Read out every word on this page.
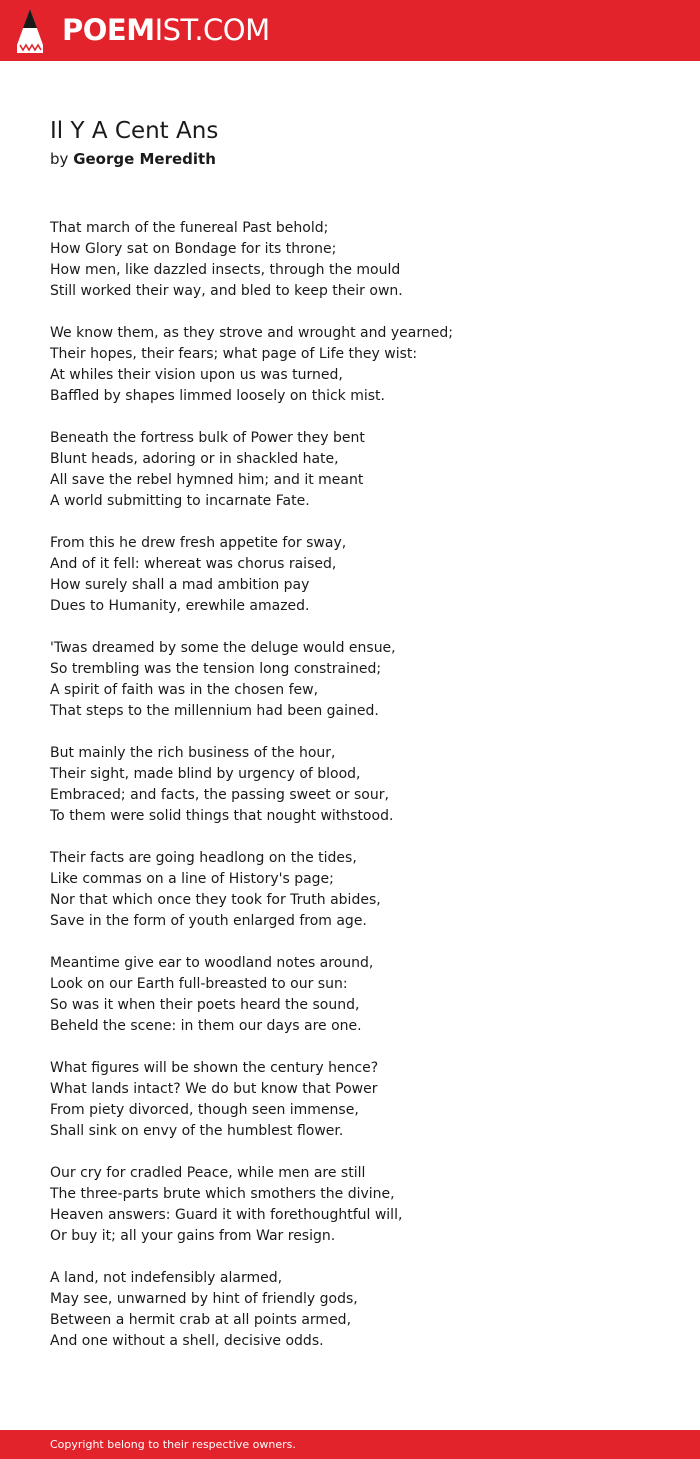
POEMIST.COM
Il Y A Cent Ans
by George Meredith
That march of the funereal Past behold;
How Glory sat on Bondage for its throne;
How men, like dazzled insects, through the mould
Still worked their way, and bled to keep their own.
We know them, as they strove and wrought and yearned;
Their hopes, their fears; what page of Life they wist:
At whiles their vision upon us was turned,
Baffled by shapes limmed loosely on thick mist.
Beneath the fortress bulk of Power they bent
Blunt heads, adoring or in shackled hate,
All save the rebel hymned him; and it meant
A world submitting to incarnate Fate.
From this he drew fresh appetite for sway,
And of it fell: whereat was chorus raised,
How surely shall a mad ambition pay
Dues to Humanity, erewhile amazed.
'Twas dreamed by some the deluge would ensue,
So trembling was the tension long constrained;
A spirit of faith was in the chosen few,
That steps to the millennium had been gained.
But mainly the rich business of the hour,
Their sight, made blind by urgency of blood,
Embraced; and facts, the passing sweet or sour,
To them were solid things that nought withstood.
Their facts are going headlong on the tides,
Like commas on a line of History's page;
Nor that which once they took for Truth abides,
Save in the form of youth enlarged from age.
Meantime give ear to woodland notes around,
Look on our Earth full-breasted to our sun:
So was it when their poets heard the sound,
Beheld the scene: in them our days are one.
What figures will be shown the century hence?
What lands intact? We do but know that Power
From piety divorced, though seen immense,
Shall sink on envy of the humblest flower.
Our cry for cradled Peace, while men are still
The three-parts brute which smothers the divine,
Heaven answers: Guard it with forethoughtful will,
Or buy it; all your gains from War resign.
A land, not indefensibly alarmed,
May see, unwarned by hint of friendly gods,
Between a hermit crab at all points armed,
And one without a shell, decisive odds.
Copyright belong to their respective owners.
